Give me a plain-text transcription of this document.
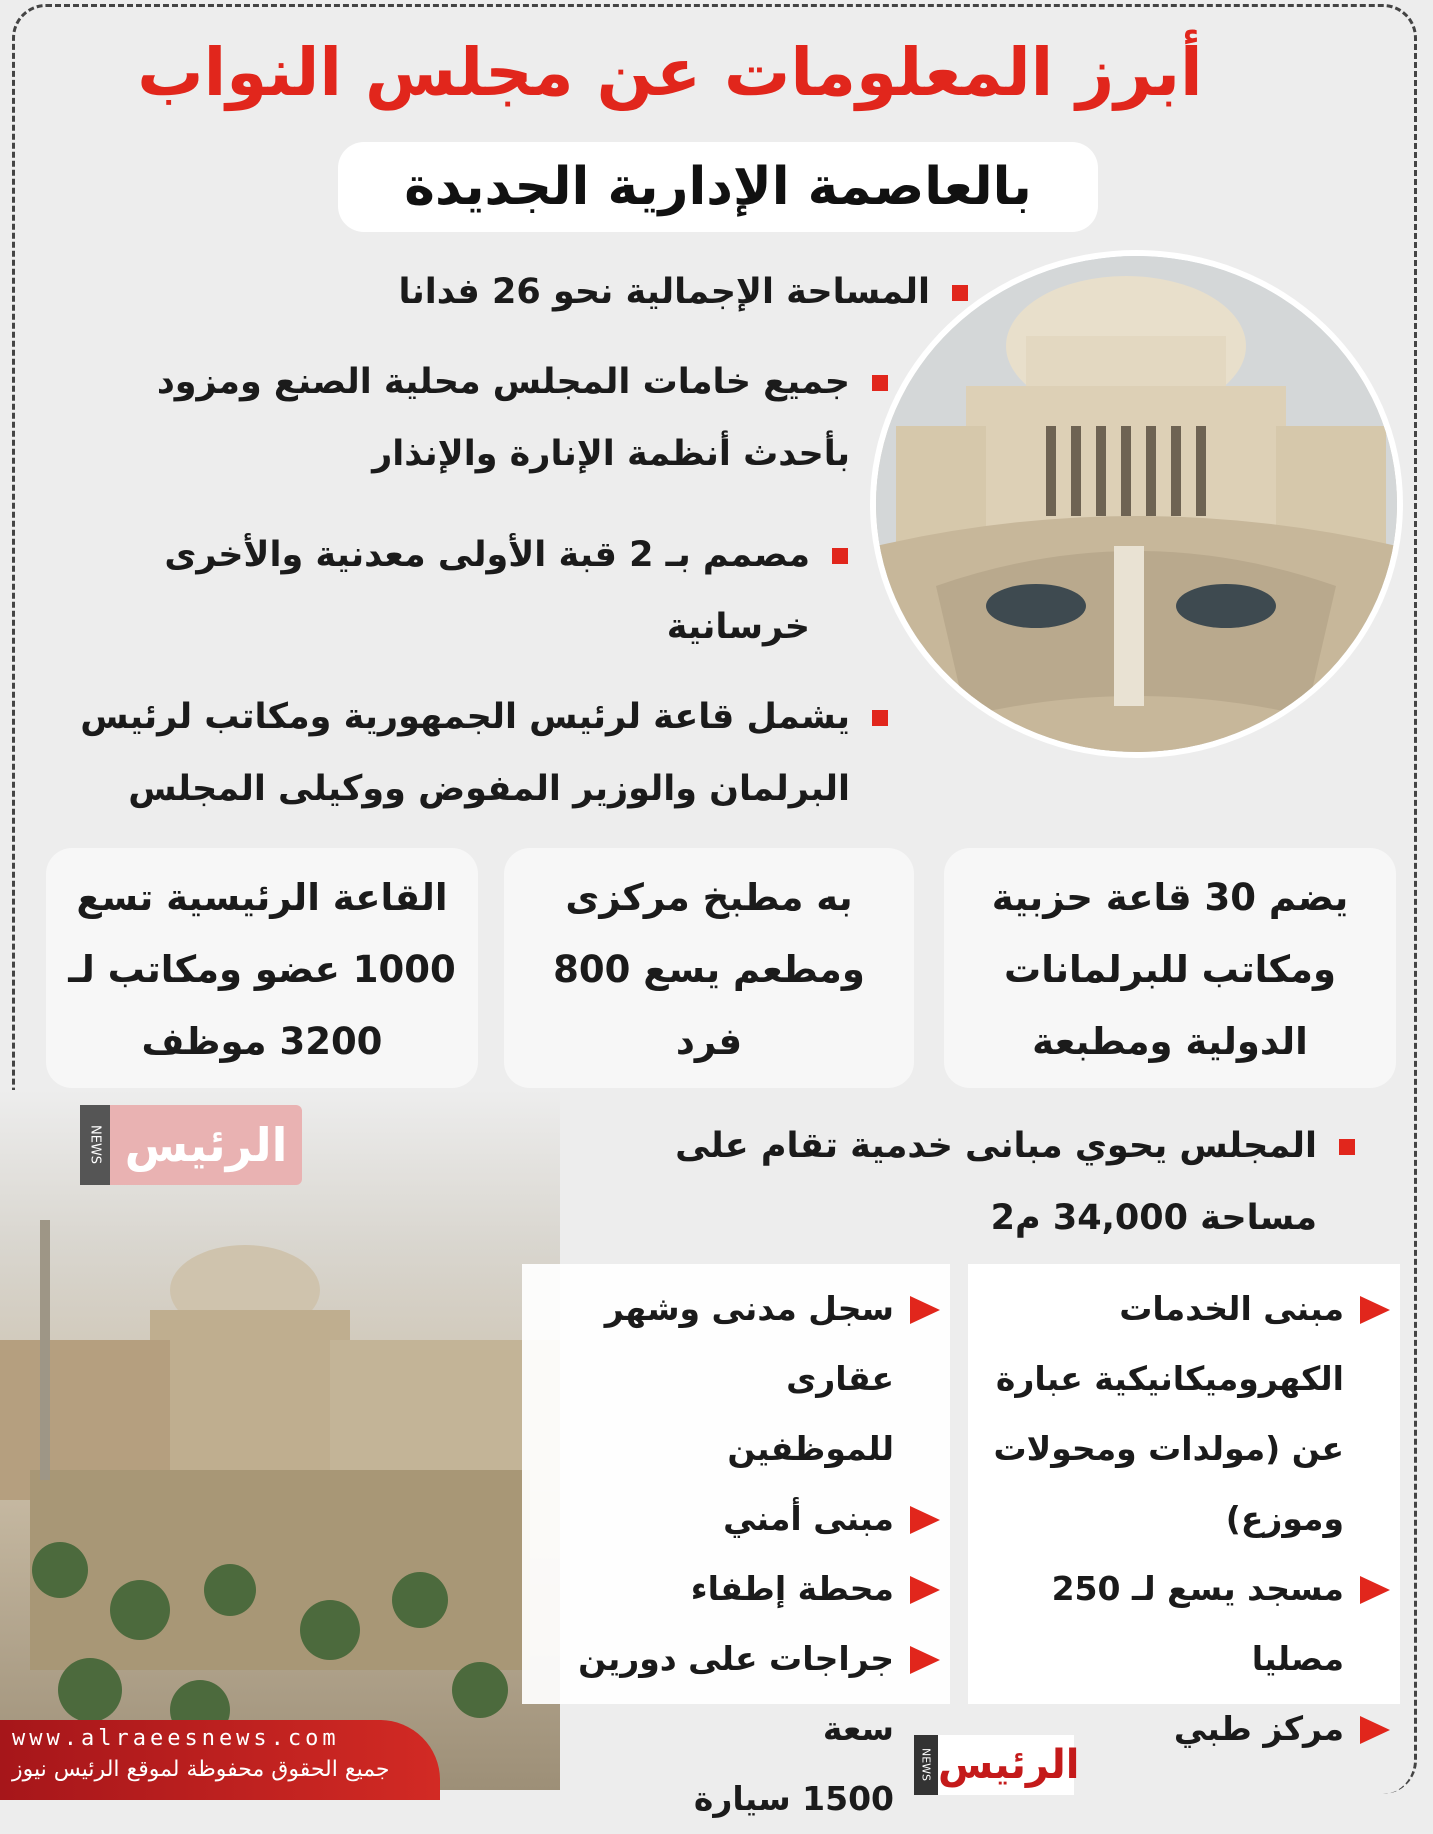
أبرز المعلومات عن مجلس النواب
بالعاصمة الإدارية الجديدة
المساحة الإجمالية نحو 26 فدانا
جميع خامات المجلس محلية الصنع ومزود
بأحدث أنظمة الإنارة والإنذار
مصمم بـ 2 قبة الأولى معدنية والأخرى
خرسانية
يشمل قاعة لرئيس الجمهورية ومكاتب لرئيس
البرلمان والوزير المفوض ووكيلى المجلس
يضم 30 قاعة حزبية
ومكاتب للبرلمانات
الدولية ومطبعة
به مطبخ مركزى
ومطعم يسع 800
فرد
القاعة الرئيسية تسع
1000 عضو ومكاتب لـ
3200 موظف
NEWS الرئيس	المجلس يحوي مبانى خدمية تقام على
مساحة 34,000 م2
مبنى الخدمات
الكهروميكانيكية عبارة
عن (مولدات ومحولات
وموزع)
مسجد يسع لـ 250 مصليا
مركز طبي
سجل مدنى وشهر عقارى
للموظفين
مبنى أمني
محطة إطفاء
جراجات على دورين سعة
1500 سيارة
www.alraeesnews.com
جميع الحقوق محفوظة لموقع الرئيس نيوز	NEWS الرئيس
